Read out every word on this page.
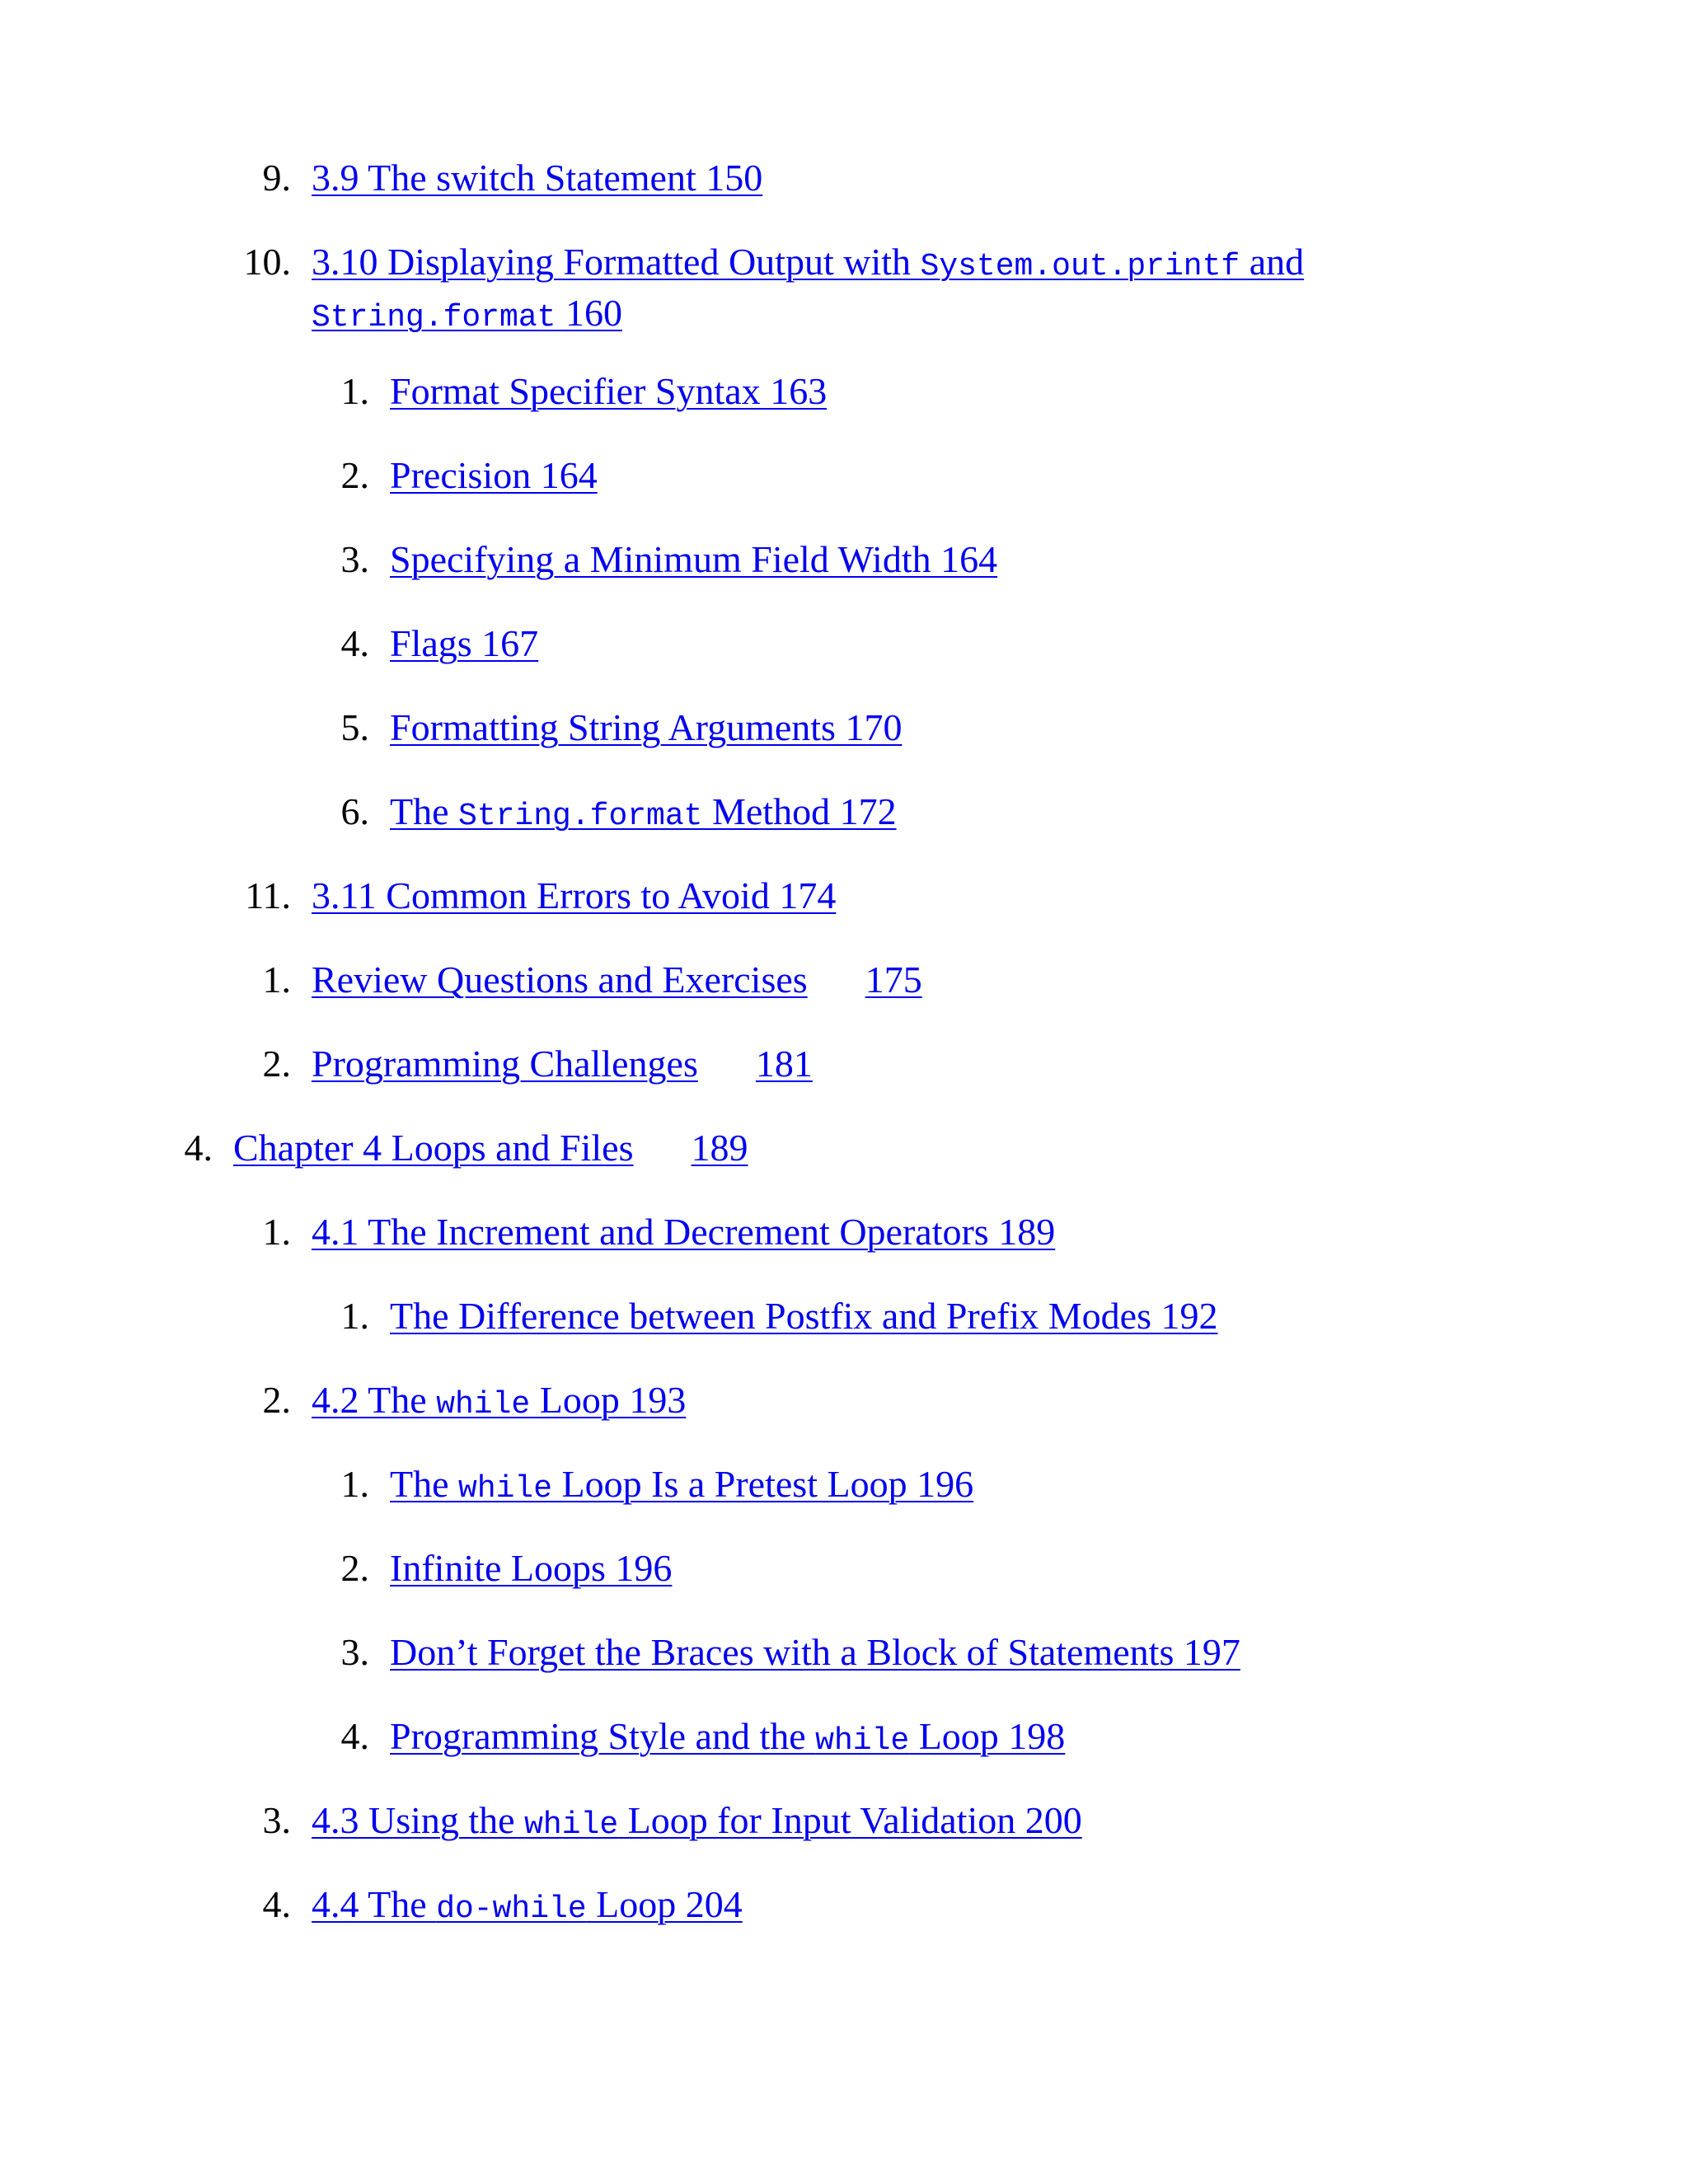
9. 3.9 The switch Statement 150
10. 3.10 Displaying Formatted Output with System.out.printf and String.format 160
1. Format Specifier Syntax 163
2. Precision 164
3. Specifying a Minimum Field Width 164
4. Flags 167
5. Formatting String Arguments 170
6. The String.format Method 172
11. 3.11 Common Errors to Avoid 174
1. Review Questions and Exercises 175
2. Programming Challenges 181
4. Chapter 4 Loops and Files 189
1. 4.1 The Increment and Decrement Operators 189
1. The Difference between Postfix and Prefix Modes 192
2. 4.2 The while Loop 193
1. The while Loop Is a Pretest Loop 196
2. Infinite Loops 196
3. Don’t Forget the Braces with a Block of Statements 197
4. Programming Style and the while Loop 198
3. 4.3 Using the while Loop for Input Validation 200
4. 4.4 The do-while Loop 204
